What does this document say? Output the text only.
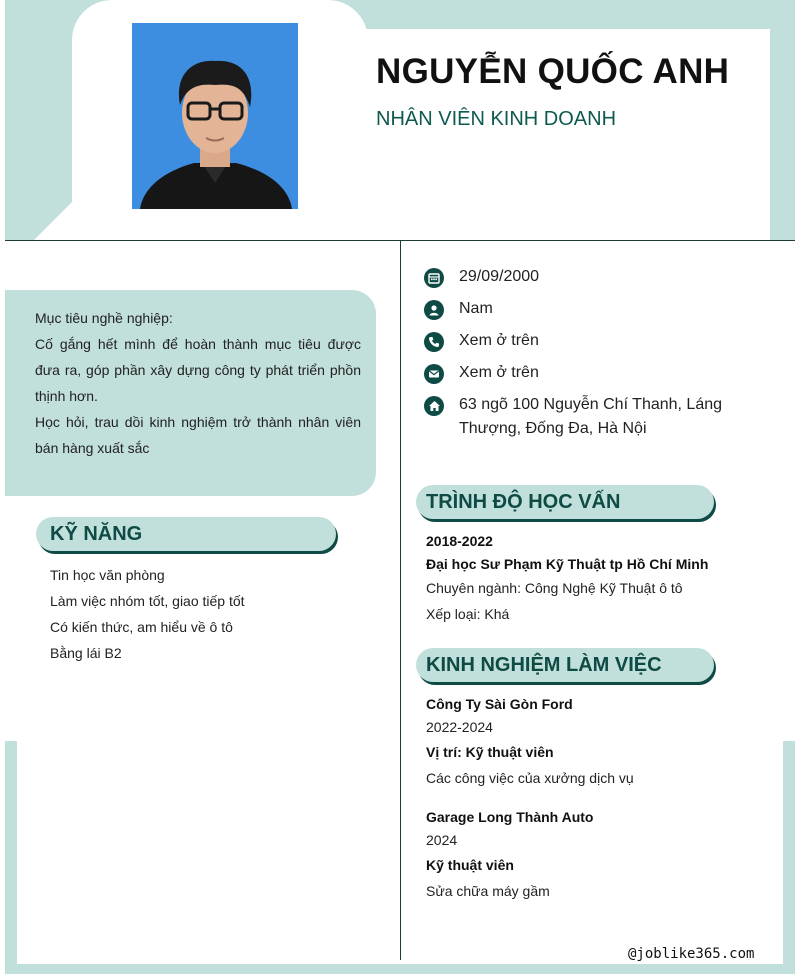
NGUYỄN QUỐC ANH
NHÂN VIÊN KINH DOANH

Mục tiêu nghề nghiệp:

Cố gắng hết mình để hoàn thành mục tiêu được đưa ra, góp phần xây dựng công ty phát triển phồn thịnh hơn.

Học hỏi, trau dồi kinh nghiệm trở thành nhân viên bán hàng xuất sắc

KỸ NĂNG
Tin học văn phòng
Làm việc nhóm tốt, giao tiếp tốt
Có kiến thức, am hiểu về ô tô
Bằng lái B2
29/09/2000
Nam
Xem ở trên
Xem ở trên
63 ngõ 100 Nguyễn Chí Thanh, Láng Thượng, Đống Đa, Hà Nội
TRÌNH ĐỘ HỌC VẤN
2018-2022
Đại học Sư Phạm Kỹ Thuật tp Hồ Chí Minh
Chuyên ngành: Công Nghệ Kỹ Thuật ô tô
Xếp loại: Khá
KINH NGHIỆM LÀM VIỆC
Công Ty Sài Gòn Ford
2022-2024
Vị trí: Kỹ thuật viên
Các công việc của xưởng dịch vụ
Garage Long Thành Auto
2024
Kỹ thuật viên
Sửa chữa máy gầm
@joblike365.com
